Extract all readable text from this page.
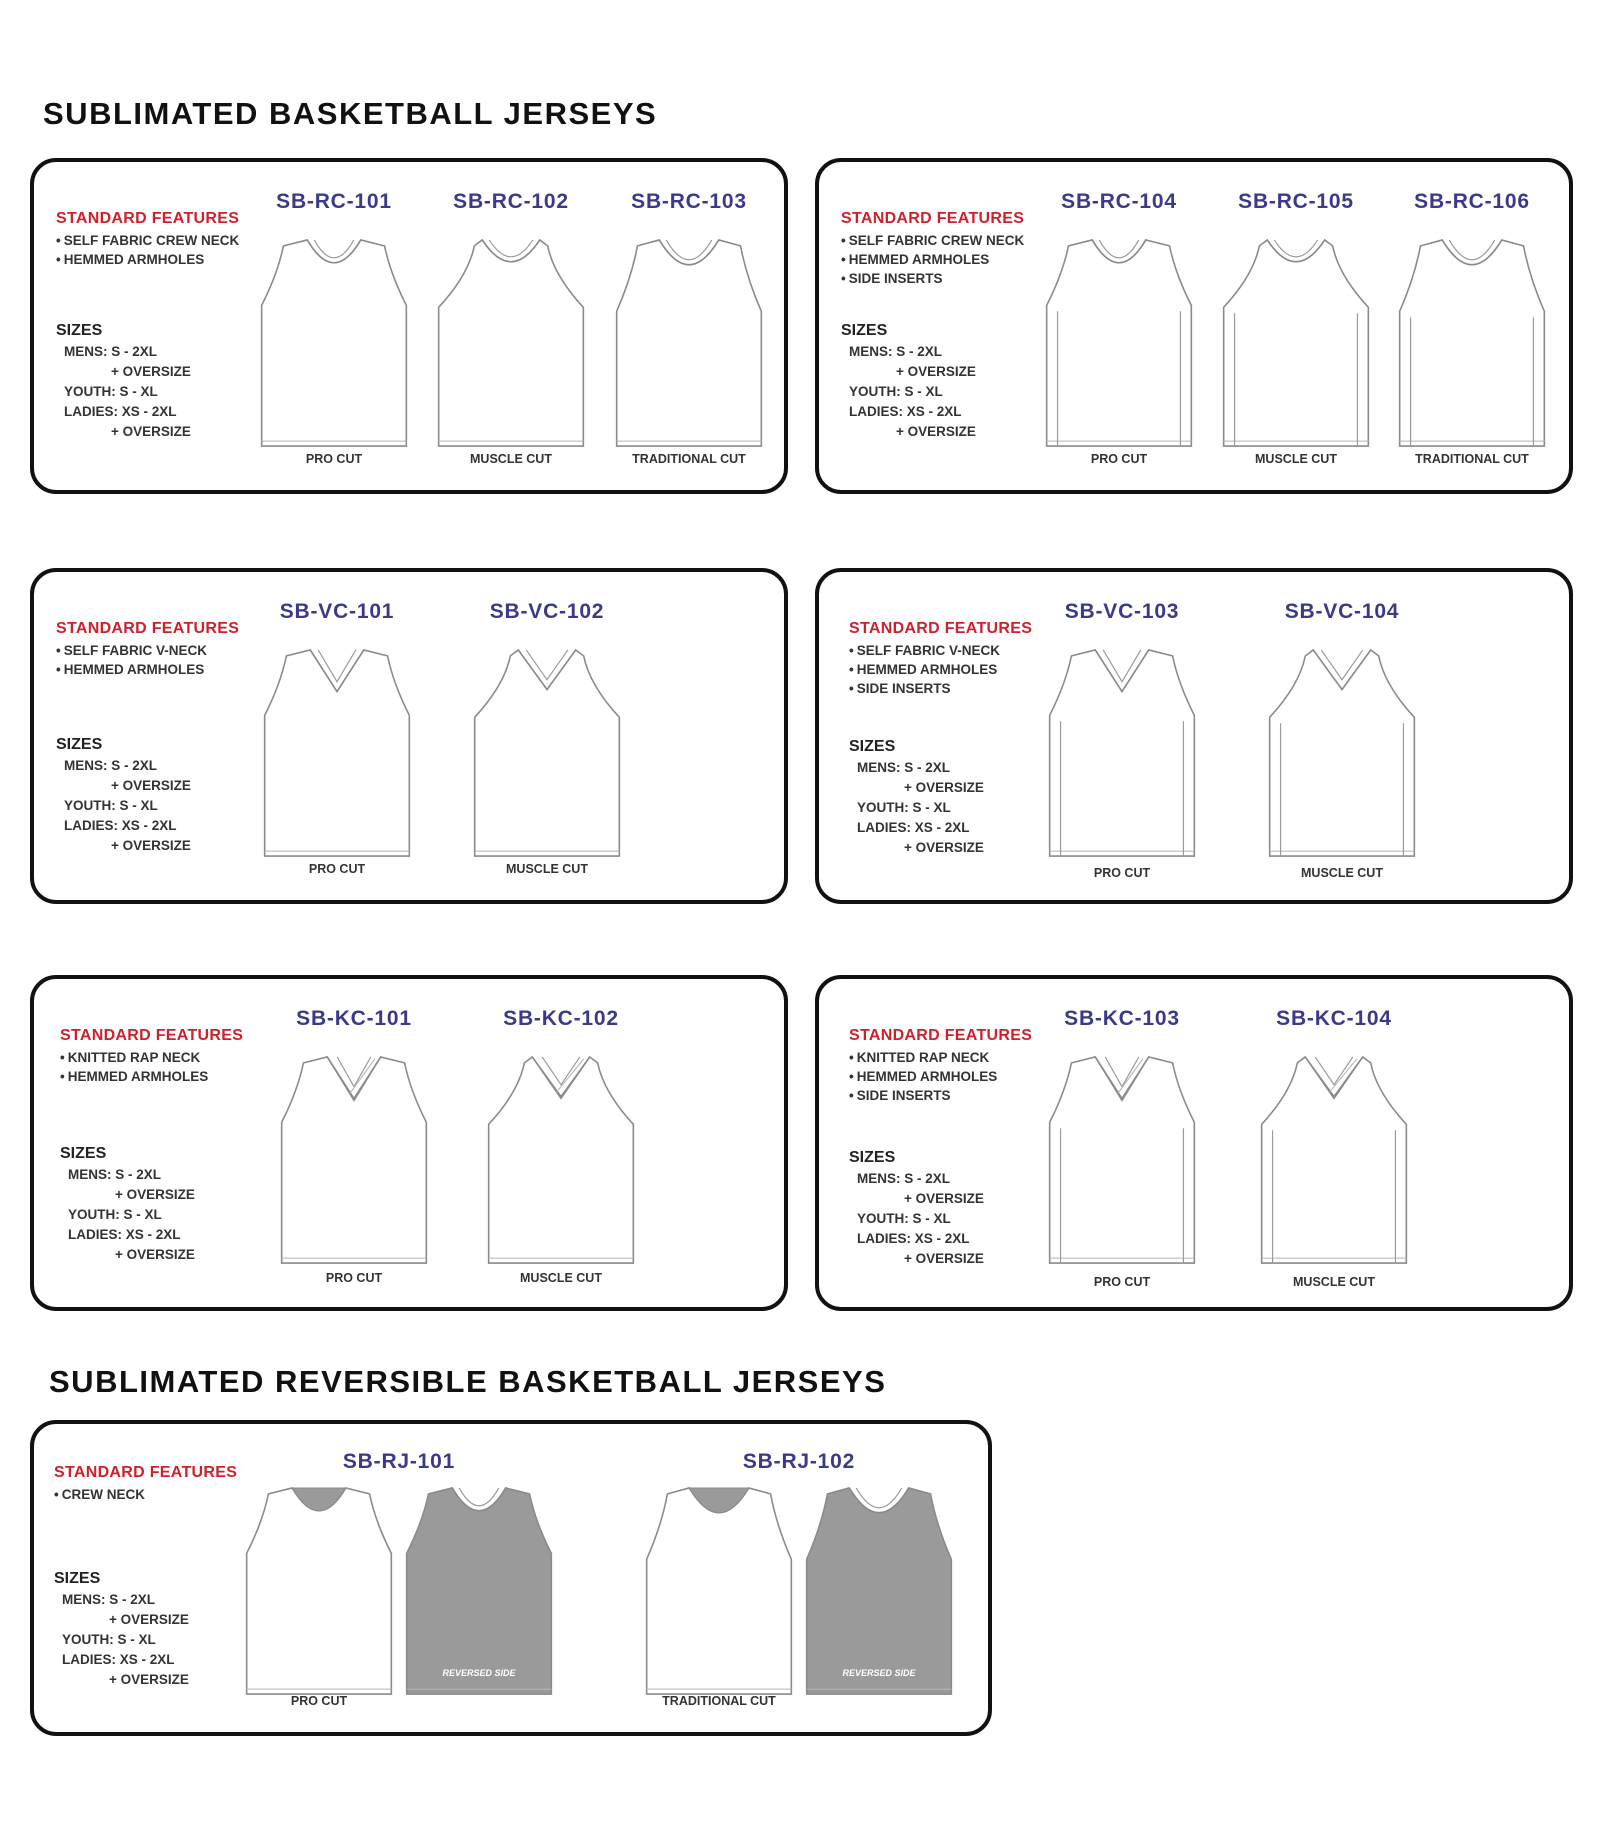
SUBLIMATED BASKETBALL JERSEYS
SUBLIMATED REVERSIBLE BASKETBALL JERSEYS
STANDARD FEATURES
• SELF FABRIC CREW NECK
• HEMMED ARMHOLES
SIZES
MENS: S - 2XL
+ OVERSIZE
YOUTH: S - XL
LADIES: XS - 2XL
+ OVERSIZE
SB-RC-101
PRO CUT
SB-RC-102
MUSCLE CUT
SB-RC-103
TRADITIONAL CUT
STANDARD FEATURES
• SELF FABRIC CREW NECK
• HEMMED ARMHOLES
• SIDE INSERTS
SIZES
MENS: S - 2XL
+ OVERSIZE
YOUTH: S - XL
LADIES: XS - 2XL
+ OVERSIZE
SB-RC-104
PRO CUT
SB-RC-105
MUSCLE CUT
SB-RC-106
TRADITIONAL CUT
STANDARD FEATURES
• SELF FABRIC V-NECK
• HEMMED ARMHOLES
SIZES
MENS: S - 2XL
+ OVERSIZE
YOUTH: S - XL
LADIES: XS - 2XL
+ OVERSIZE
SB-VC-101
PRO CUT
SB-VC-102
MUSCLE CUT
STANDARD FEATURES
• SELF FABRIC V-NECK
• HEMMED ARMHOLES
• SIDE INSERTS
SIZES
MENS: S - 2XL
+ OVERSIZE
YOUTH: S - XL
LADIES: XS - 2XL
+ OVERSIZE
SB-VC-103
PRO CUT
SB-VC-104
MUSCLE CUT
STANDARD FEATURES
• KNITTED RAP NECK
• HEMMED ARMHOLES
SIZES
MENS: S - 2XL
+ OVERSIZE
YOUTH: S - XL
LADIES: XS - 2XL
+ OVERSIZE
SB-KC-101
PRO CUT
SB-KC-102
MUSCLE CUT
STANDARD FEATURES
• KNITTED RAP NECK
• HEMMED ARMHOLES
• SIDE INSERTS
SIZES
MENS: S - 2XL
+ OVERSIZE
YOUTH: S - XL
LADIES: XS - 2XL
+ OVERSIZE
SB-KC-103
PRO CUT
SB-KC-104
MUSCLE CUT
STANDARD FEATURES
• CREW NECK
SIZES
MENS: S - 2XL
+ OVERSIZE
YOUTH: S - XL
LADIES: XS - 2XL
+ OVERSIZE
SB-RJ-101
REVERSED SIDE
PRO CUT
SB-RJ-102
REVERSED SIDE
TRADITIONAL CUT
